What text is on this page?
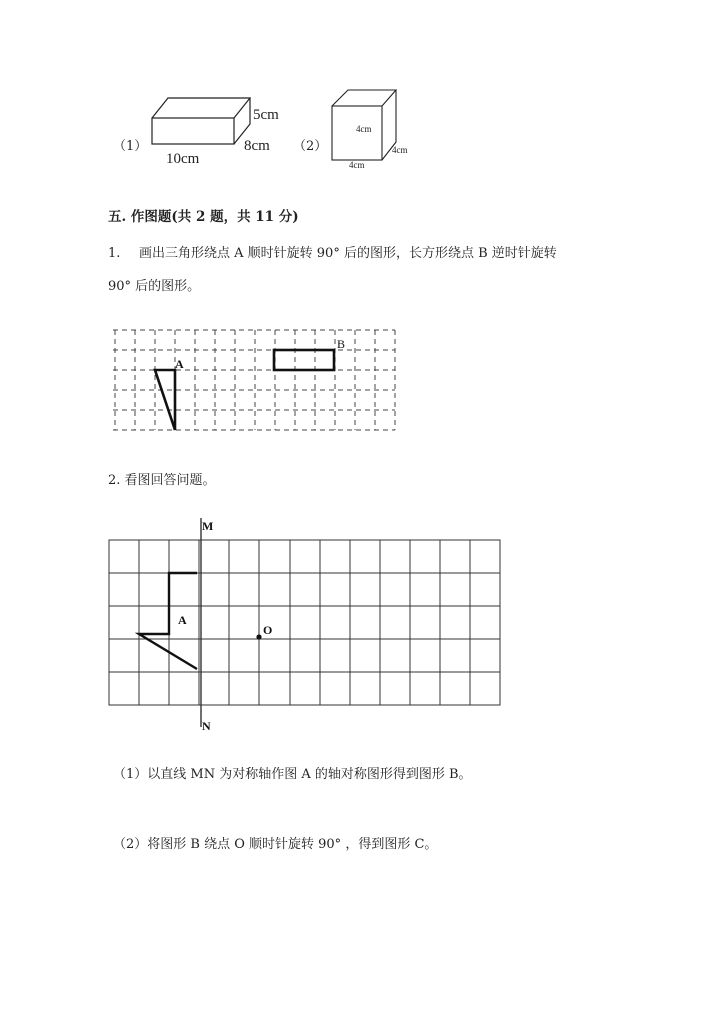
（1）
5cm
8cm
10cm
（2）
4cm
4cm
4cm
五. 作图题(共 2 题，共 11 分)
1. 画出三角形绕点 A 顺时针旋转 90° 后的图形，长方形绕点 B 逆时针旋转
90° 后的图形。
A
B
2. 看图回答问题。
M
N
A
O
（1）以直线 MN 为对称轴作图 A 的轴对称图形得到图形 B。
（2）将图形 B 绕点 O 顺时针旋转 90° ，得到图形 C。
